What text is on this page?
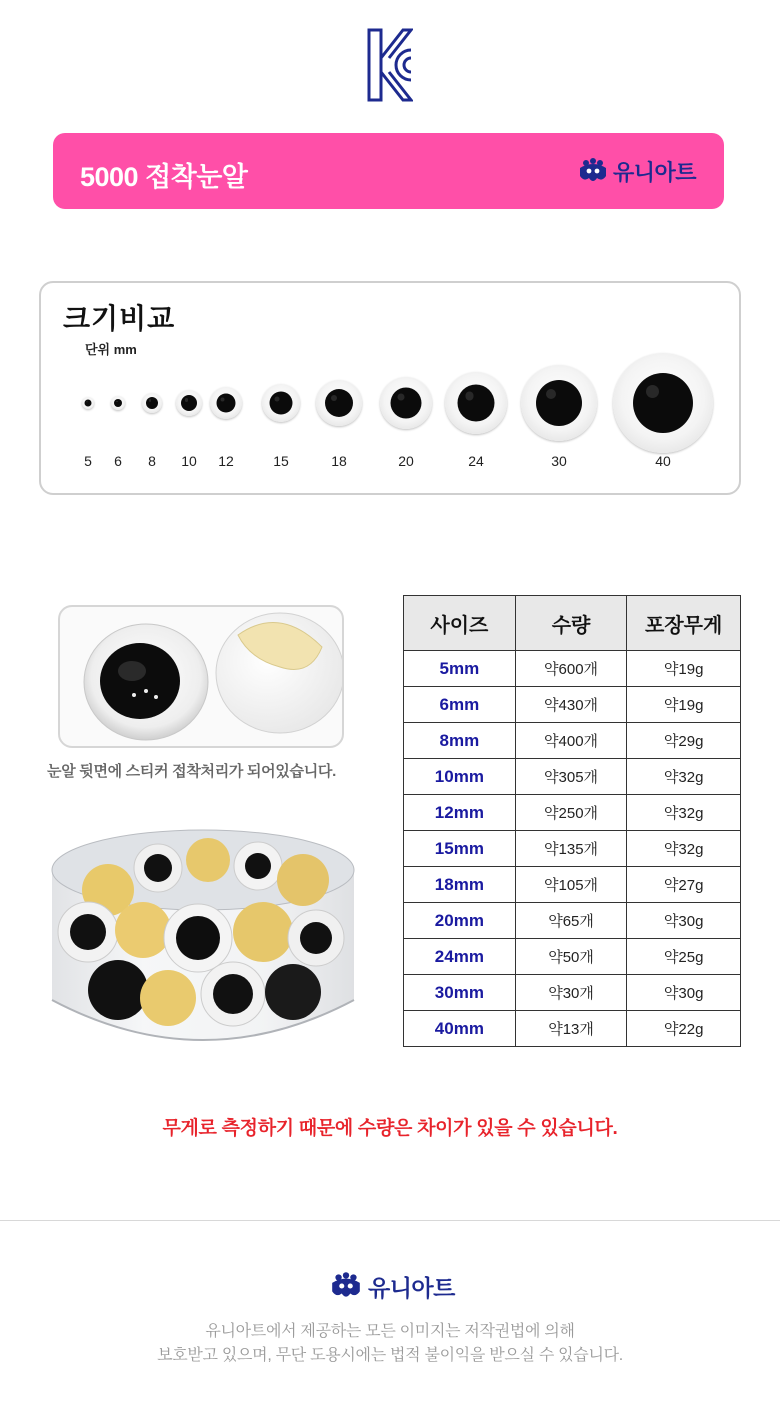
5000 접착눈알	유니아트
크기비교
단위 mm
5 6 8 10 12	15	18	20	24	30	40
눈알 뒷면에 스티커 접착처리가 되어있습니다.
사이즈	수량	포장무게
5mm	약600개	약19g
6mm	약430개	약19g
8mm	약400개	약29g
10mm	약305개	약32g
12mm	약250개	약32g
15mm	약135개	약32g
18mm	약105개	약27g
20mm	약65개	약30g
24mm	약50개	약25g
30mm	약30개	약30g
40mm	약13개	약22g
무게로 측정하기 때문에 수량은 차이가 있을 수 있습니다.
유니아트
유니아트에서 제공하는 모든 이미지는 저작권법에 의해
보호받고 있으며, 무단 도용시에는 법적 불이익을 받으실 수 있습니다.
